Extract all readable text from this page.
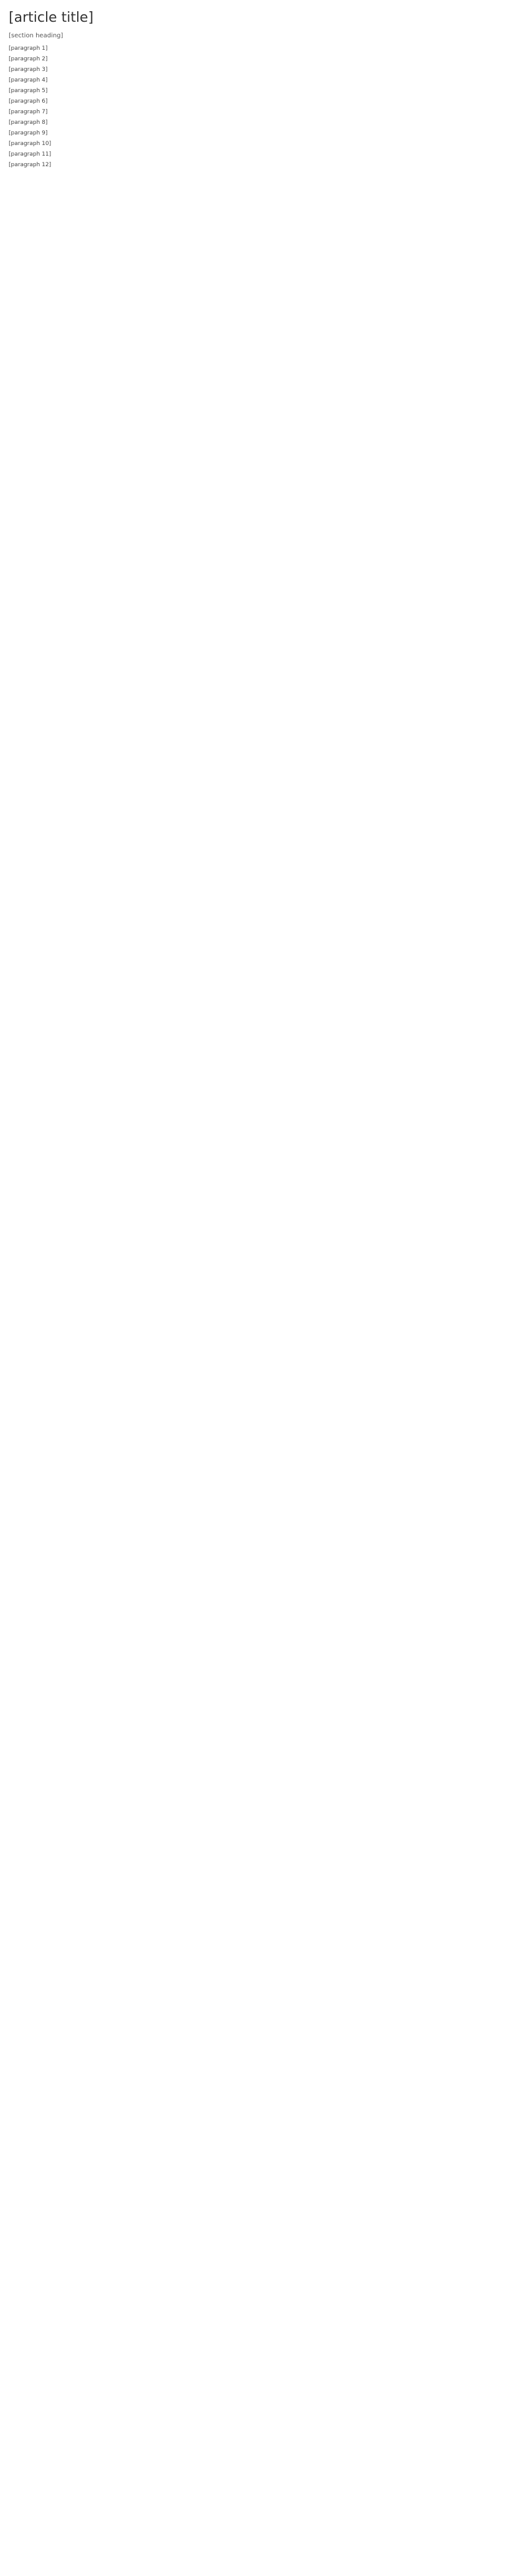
[article title]
[section heading]

[paragraph 1]

[paragraph 2]

[paragraph 3]

[paragraph 4]

[paragraph 5]

[paragraph 6]

[paragraph 7]

[paragraph 8]

[paragraph 9]

[paragraph 10]

[paragraph 11]

[paragraph 12]
